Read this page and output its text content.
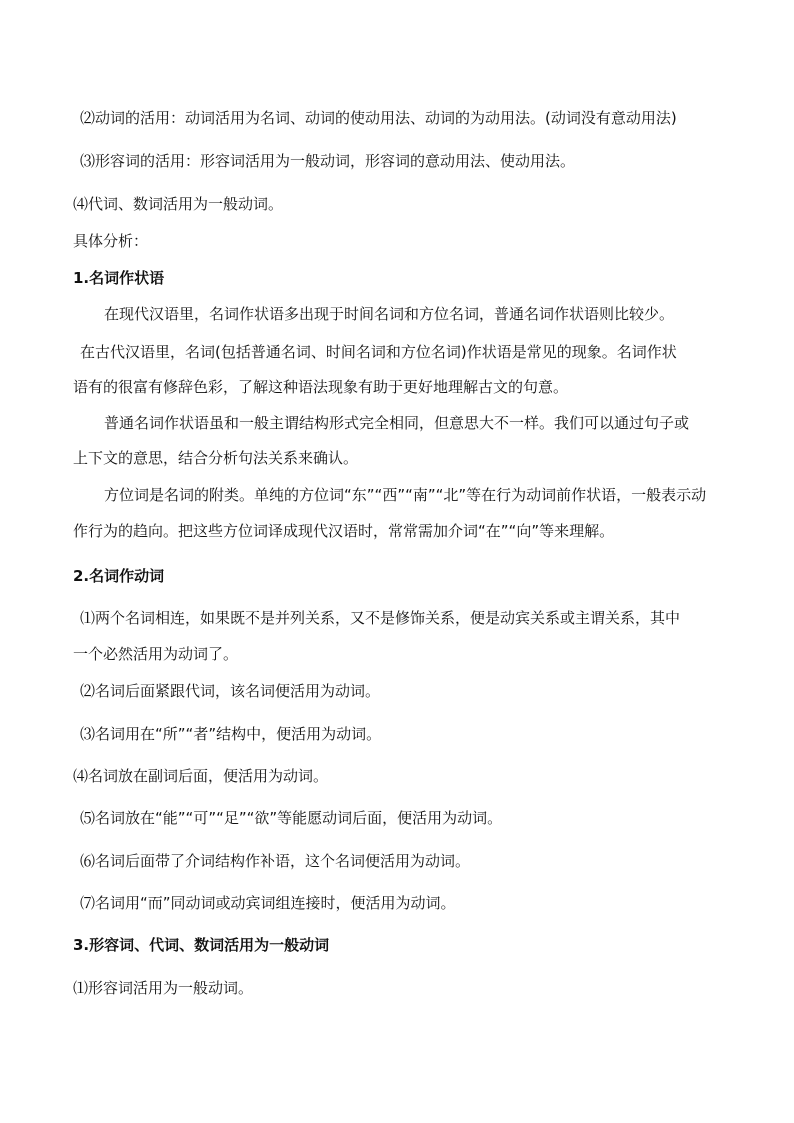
⑵动词的活用：动词活用为名词、动词的使动用法、动词的为动用法。(动词没有意动用法)
⑶形容词的活用：形容词活用为一般动词，形容词的意动用法、使动用法。
⑷代词、数词活用为一般动词。
具体分析：
1.名词作状语
在现代汉语里，名词作状语多出现于时间名词和方位名词，普通名词作状语则比较少。
在古代汉语里，名词(包括普通名词、时间名词和方位名词)作状语是常见的现象。名词作状
语有的很富有修辞色彩，了解这种语法现象有助于更好地理解古文的句意。
普通名词作状语虽和一般主谓结构形式完全相同，但意思大不一样。我们可以通过句子或
上下文的意思，结合分析句法关系来确认。
方位词是名词的附类。单纯的方位词“东”“西”“南”“北”等在行为动词前作状语，一般表示动
作行为的趋向。把这些方位词译成现代汉语时，常常需加介词“在”“向”等来理解。
2.名词作动词
⑴两个名词相连，如果既不是并列关系，又不是修饰关系，便是动宾关系或主谓关系，其中
一个必然活用为动词了。
⑵名词后面紧跟代词，该名词便活用为动词。
⑶名词用在“所”“者”结构中，便活用为动词。
⑷名词放在副词后面，便活用为动词。
⑸名词放在“能”“可”“足”“欲”等能愿动词后面，便活用为动词。
⑹名词后面带了介词结构作补语，这个名词便活用为动词。
⑺名词用“而”同动词或动宾词组连接时，便活用为动词。
3.形容词、代词、数词活用为一般动词
⑴形容词活用为一般动词。
